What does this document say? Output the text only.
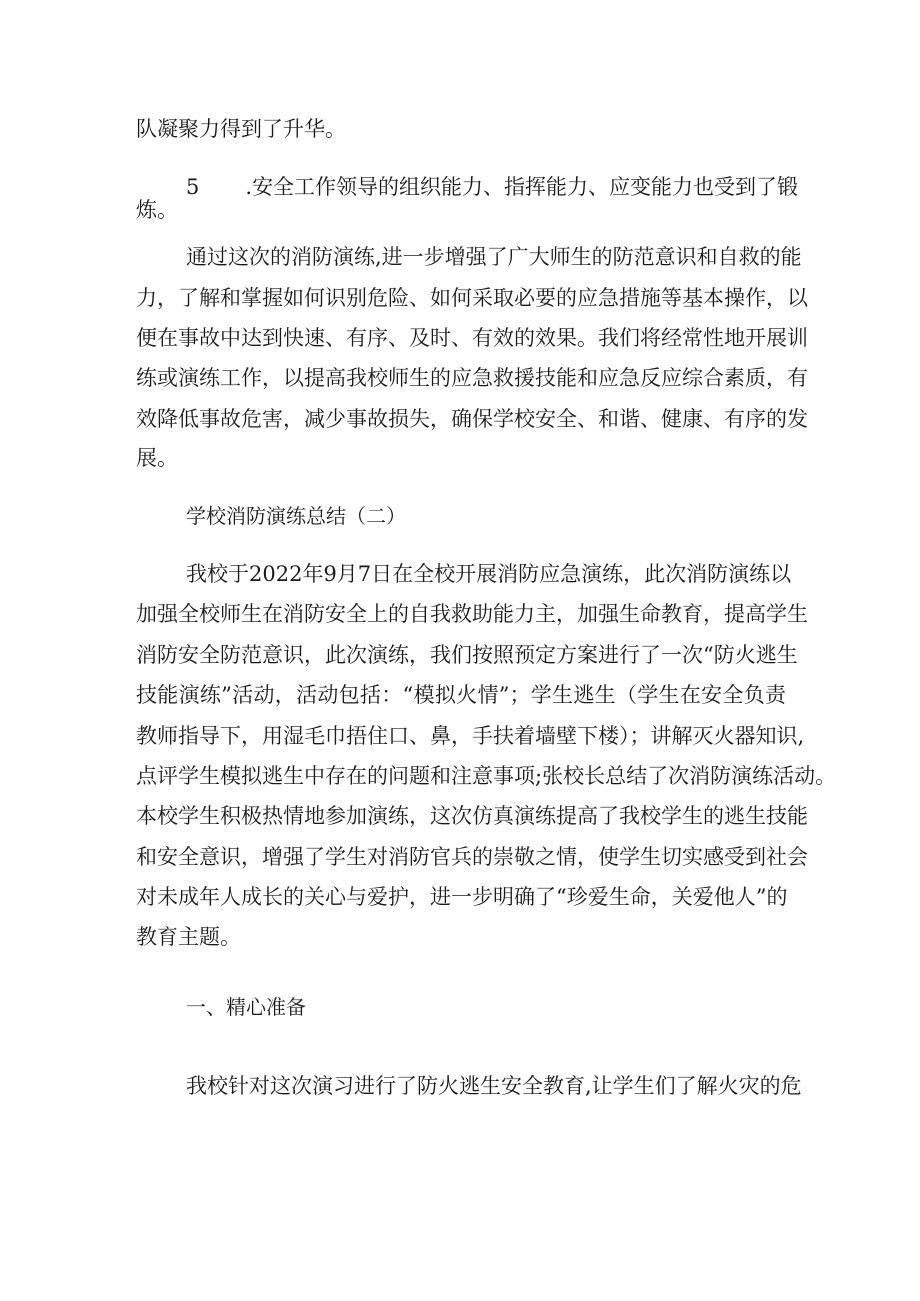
队凝聚力得到了升华。
5 .安全工作领导的组织能力、指挥能力、应变能力也受到了锻
炼。
通过这次的消防演练,进一步增强了广大师生的防范意识和自救的能
力，了解和掌握如何识别危险、如何采取必要的应急措施等基本操作，以
便在事故中达到快速、有序、及时、有效的效果。我们将经常性地开展训
练或演练工作，以提高我校师生的应急救援技能和应急反应综合素质，有
效降低事故危害，减少事故损失，确保学校安全、和谐、健康、有序的发
展。
学校消防演练总结（二）
我校于2022年9月7日在全校开展消防应急演练，此次消防演练以
加强全校师生在消防安全上的自我救助能力主，加强生命教育，提高学生
消防安全防范意识，此次演练，我们按照预定方案进行了一次“防火逃生
技能演练”活动，活动包括：“模拟火情”；学生逃生（学生在安全负责
教师指导下，用湿毛巾捂住口、鼻，手扶着墙壁下楼）；讲解灭火器知识,
点评学生模拟逃生中存在的问题和注意事项;张校长总结了次消防演练活动。
本校学生积极热情地参加演练，这次仿真演练提高了我校学生的逃生技能
和安全意识，增强了学生对消防官兵的崇敬之情，使学生切实感受到社会
对未成年人成长的关心与爱护，进一步明确了“珍爱生命，关爱他人”的
教育主题。
一、精心准备
我校针对这次演习进行了防火逃生安全教育,让学生们了解火灾的危
